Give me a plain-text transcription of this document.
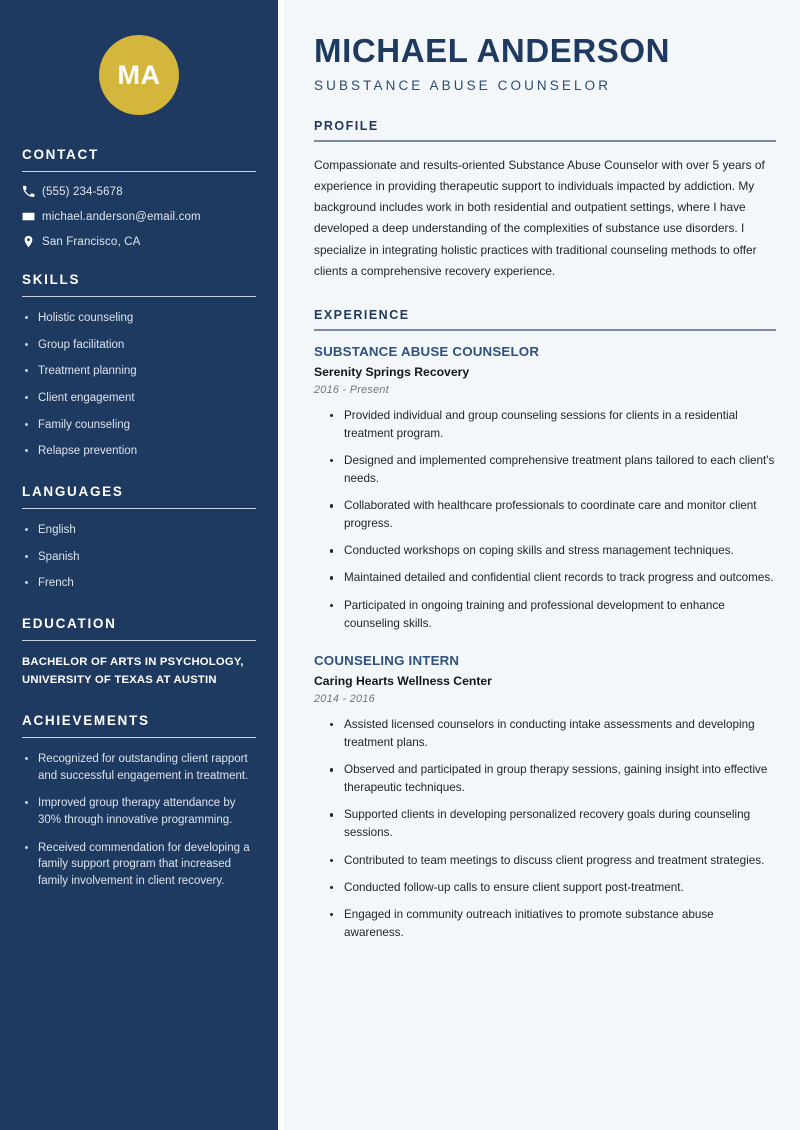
MA
CONTACT
(555) 234-5678
michael.anderson@email.com
San Francisco, CA
SKILLS
Holistic counseling
Group facilitation
Treatment planning
Client engagement
Family counseling
Relapse prevention
LANGUAGES
English
Spanish
French
EDUCATION
BACHELOR OF ARTS IN PSYCHOLOGY, UNIVERSITY OF TEXAS AT AUSTIN
ACHIEVEMENTS
Recognized for outstanding client rapport and successful engagement in treatment.
Improved group therapy attendance by 30% through innovative programming.
Received commendation for developing a family support program that increased family involvement in client recovery.
MICHAEL ANDERSON
SUBSTANCE ABUSE COUNSELOR
PROFILE

Compassionate and results-oriented Substance Abuse Counselor with over 5 years of experience in providing therapeutic support to individuals impacted by addiction. My background includes work in both residential and outpatient settings, where I have developed a deep understanding of the complexities of substance use disorders. I specialize in integrating holistic practices with traditional counseling methods to offer clients a comprehensive recovery experience.

EXPERIENCE
SUBSTANCE ABUSE COUNSELOR
Serenity Springs Recovery
2016 - Present
Provided individual and group counseling sessions for clients in a residential treatment program.
Designed and implemented comprehensive treatment plans tailored to each client's needs.
Collaborated with healthcare professionals to coordinate care and monitor client progress.
Conducted workshops on coping skills and stress management techniques.
Maintained detailed and confidential client records to track progress and outcomes.
Participated in ongoing training and professional development to enhance counseling skills.
COUNSELING INTERN
Caring Hearts Wellness Center
2014 - 2016
Assisted licensed counselors in conducting intake assessments and developing treatment plans.
Observed and participated in group therapy sessions, gaining insight into effective therapeutic techniques.
Supported clients in developing personalized recovery goals during counseling sessions.
Contributed to team meetings to discuss client progress and treatment strategies.
Conducted follow-up calls to ensure client support post-treatment.
Engaged in community outreach initiatives to promote substance abuse awareness.
